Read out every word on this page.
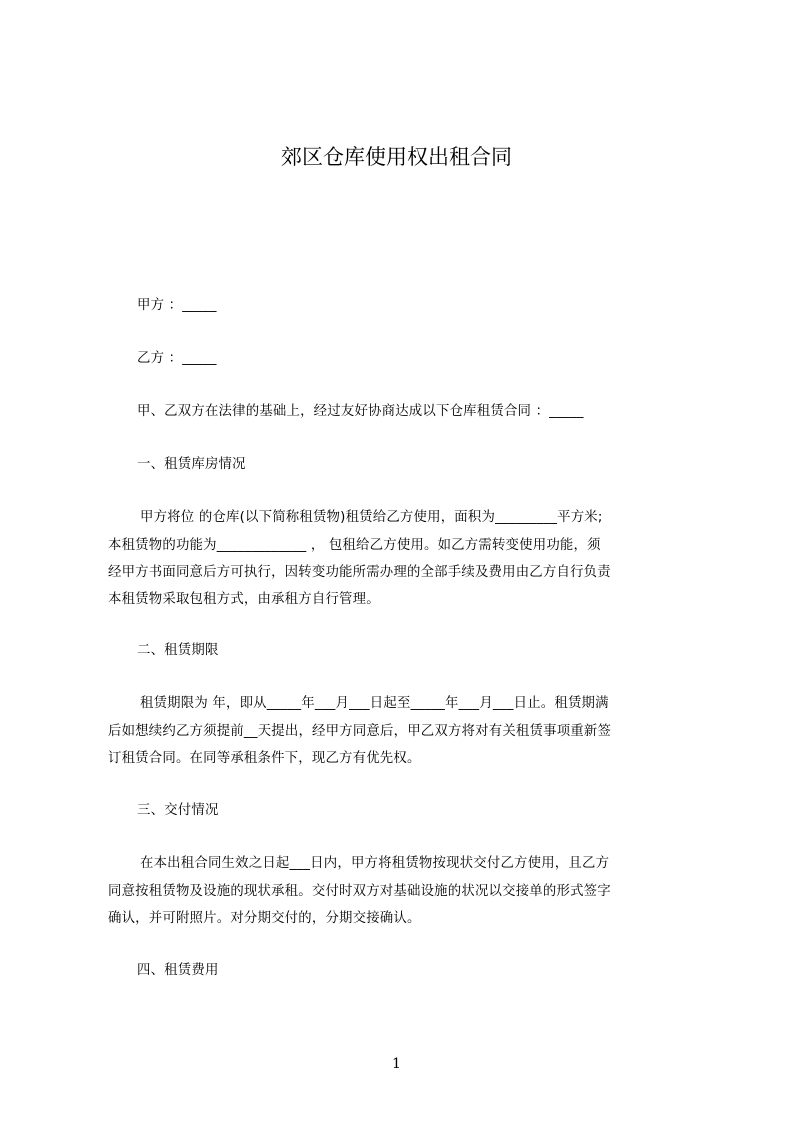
郊区仓库使用权出租合同
甲方 ：_____
乙方 ：_____
甲、乙双方在法律的基础上，经过友好协商达成以下仓库租赁合同 ：_____
一、租赁库房情况
甲方将位 的仓库(以下简称租赁物)租赁给乙方使用，面积为_________平方米;
本租赁物的功能为_____________ ， 包租给乙方使用。如乙方需转变使用功能，须
经甲方书面同意后方可执行，因转变功能所需办理的全部手续及费用由乙方自行负责
本租赁物采取包租方式，由承租方自行管理。
二、租赁期限
租赁期限为 年，即从_____年___月___日起至_____年___月___日止。租赁期满
后如想续约乙方须提前__天提出，经甲方同意后，甲乙双方将对有关租赁事项重新签
订租赁合同。在同等承租条件下，现乙方有优先权。
三、交付情况
在本出租合同生效之日起___日内，甲方将租赁物按现状交付乙方使用，且乙方
同意按租赁物及设施的现状承租。交付时双方对基础设施的状况以交接单的形式签字
确认，并可附照片。对分期交付的，分期交接确认。
四、租赁费用
1
